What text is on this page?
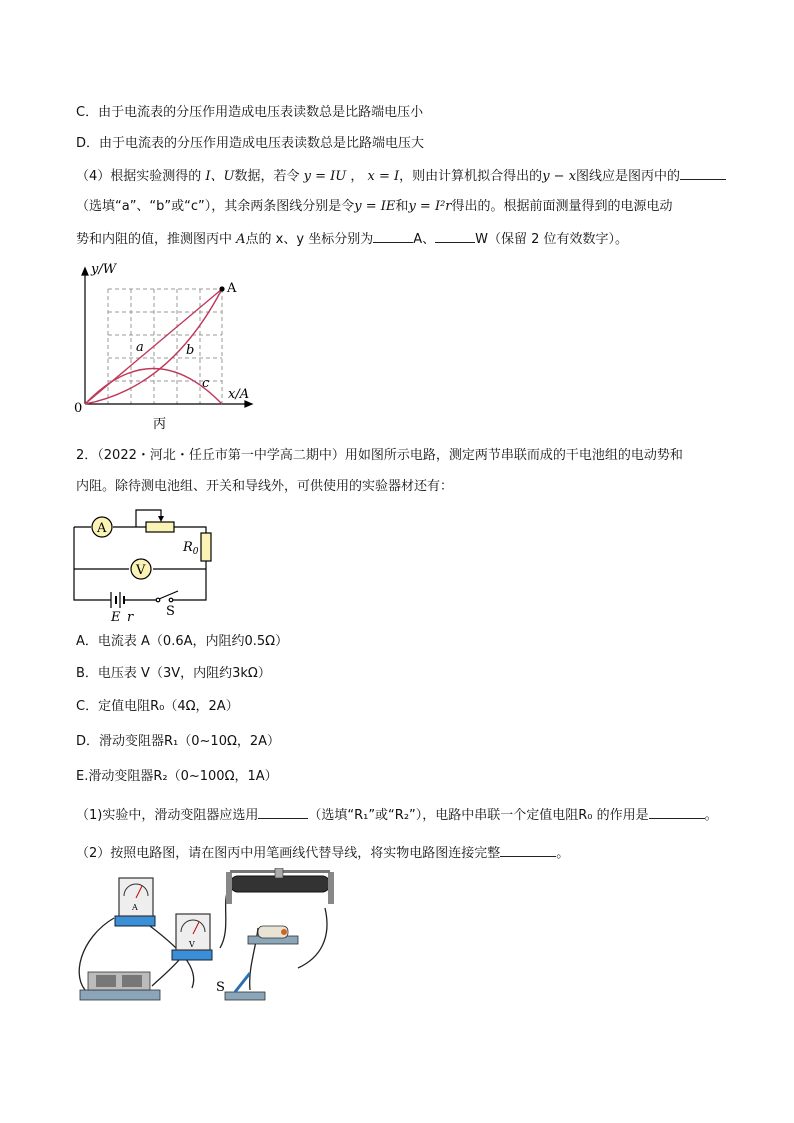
C．由于电流表的分压作用造成电压表读数总是比路端电压小
D．由于电流表的分压作用造成电压表读数总是比路端电压大
（4）根据实验测得的 I、U数据，若令 y = IU ， x = I，则由计算机拟合得出的y − x图线应是图丙中的
（选填“a”、“b”或“c”），其余两条图线分别是令y = IE和y = I²r得出的。根据前面测量得到的电源电动
势和内阻的值，推测图丙中 A点的 x、y 坐标分别为	A、	W（保留 2 位有效数字）。
y/W
x/A
0
A
a	b
c
丙
2．（2022・河北・任丘市第一中学高二期中）用如图所示电路，测定两节串联而成的干电池组的电动势和
内阻。除待测电池组、开关和导线外，可供使用的实验器材还有：
A
$R_0$
V
E r	S
A．电流表 A（0.6A，内阻约0.5Ω）
B．电压表 V（3V，内阻约3kΩ）
C．定值电阻R₀（4Ω，2A）
D．滑动变阻器R₁（0~10Ω，2A）
E.滑动变阻器R₂（0~100Ω，1A）
（1)实验中，滑动变阻器应选用	（选填“R₁”或“R₂”），电路中串联一个定值电阻R₀ 的作用是	。
（2）按照电路图，请在图丙中用笔画线代替导线，将实物电路图连接完整	。
A
V
S
